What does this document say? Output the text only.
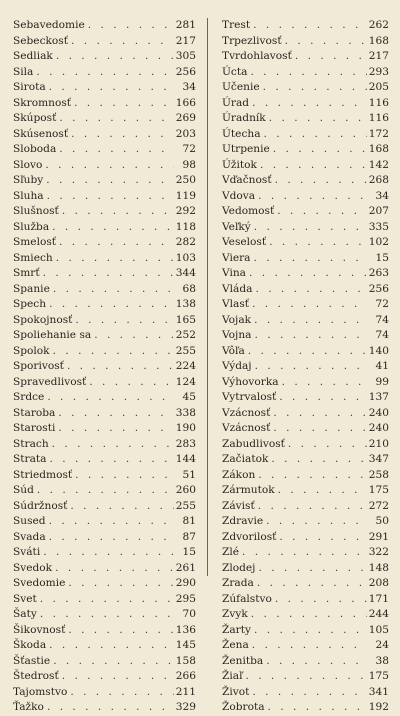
Sebavedomie . . .	281
Sebeckosť . . .	217
Sedliak . . .	305
Sila . . .	256
Sirota . . .	34
Skromnosť . . .	166
Skúposť . . .	269
Skúsenosť . . .	203
Sloboda . . .	72
Slovo . . .	98
Sľuby . . .	250
Sluha . . .	119
Slušnosť . . .	292
Služba . . .	118
Smelosť . . .	282
Smiech . . .	103
Smrť . . .	344
Spanie . . .	68
Spech . . .	138
Spokojnosť . . .	165
Spoliehanie sa . . .	252
Spolok . . .	255
Sporivosť . . .	224
Spravedlivosť . . .	124
Srdce . . .	45
Staroba . . .	338
Starosti . . .	190
Strach . . .	283
Strata . . .	144
Striedmosť . . .	51
Súd . . .	260
Súdržnosť . . .	255
Sused . . .	81
Svada . . .	87
Sváti . . .	15
Svedok . . .	261
Svedomie . . .	290
Svet . . .	295
Šaty . . .	70
Šikovnosť . . .	136
Škoda . . .	145
Šťastie . . .	158
Štedrosť . . .	266
Tajomstvo . . .	211
Ťažko . . .	329
Trest . . .	262
Trpezlivosť . . .	168
Tvrdohlavosť . . .	217
Úcta . . .	293
Učenie . . .	205
Úrad . . .	116
Úradník . . .	116
Útecha . . .	172
Utrpenie . . .	168
Úžitok . . .	142
Vďačnosť . . .	268
Vdova . . .	34
Vedomosť . . .	207
Veľký . . .	335
Veselosť . . .	102
Viera . . .	15
Vina . . .	263
Vláda . . .	256
Vlasť . . .	72
Vojak . . .	74
Vojna . . .	74
Vôľa . . .	140
Výdaj . . .	41
Výhovorka . . .	99
Vytrvalosť . . .	137
Vzácnosť . . .	240
Vzácnosť . . .	240
Zabudlivosť . . .	210
Začiatok . . .	347
Zákon . . .	258
Zármutok . . .	175
Závisť . . .	272
Zdravie . . .	50
Zdvorilosť . . .	291
Zlé . . .	322
Zlodej . . .	148
Zrada . . .	208
Zúfalstvo . . .	171
Zvyk . . .	244
Žarty . . .	105
Žena . . .	24
Ženitba . . .	38
Žiaľ . . .	175
Život . . .	341
Žobrota . . .	192
